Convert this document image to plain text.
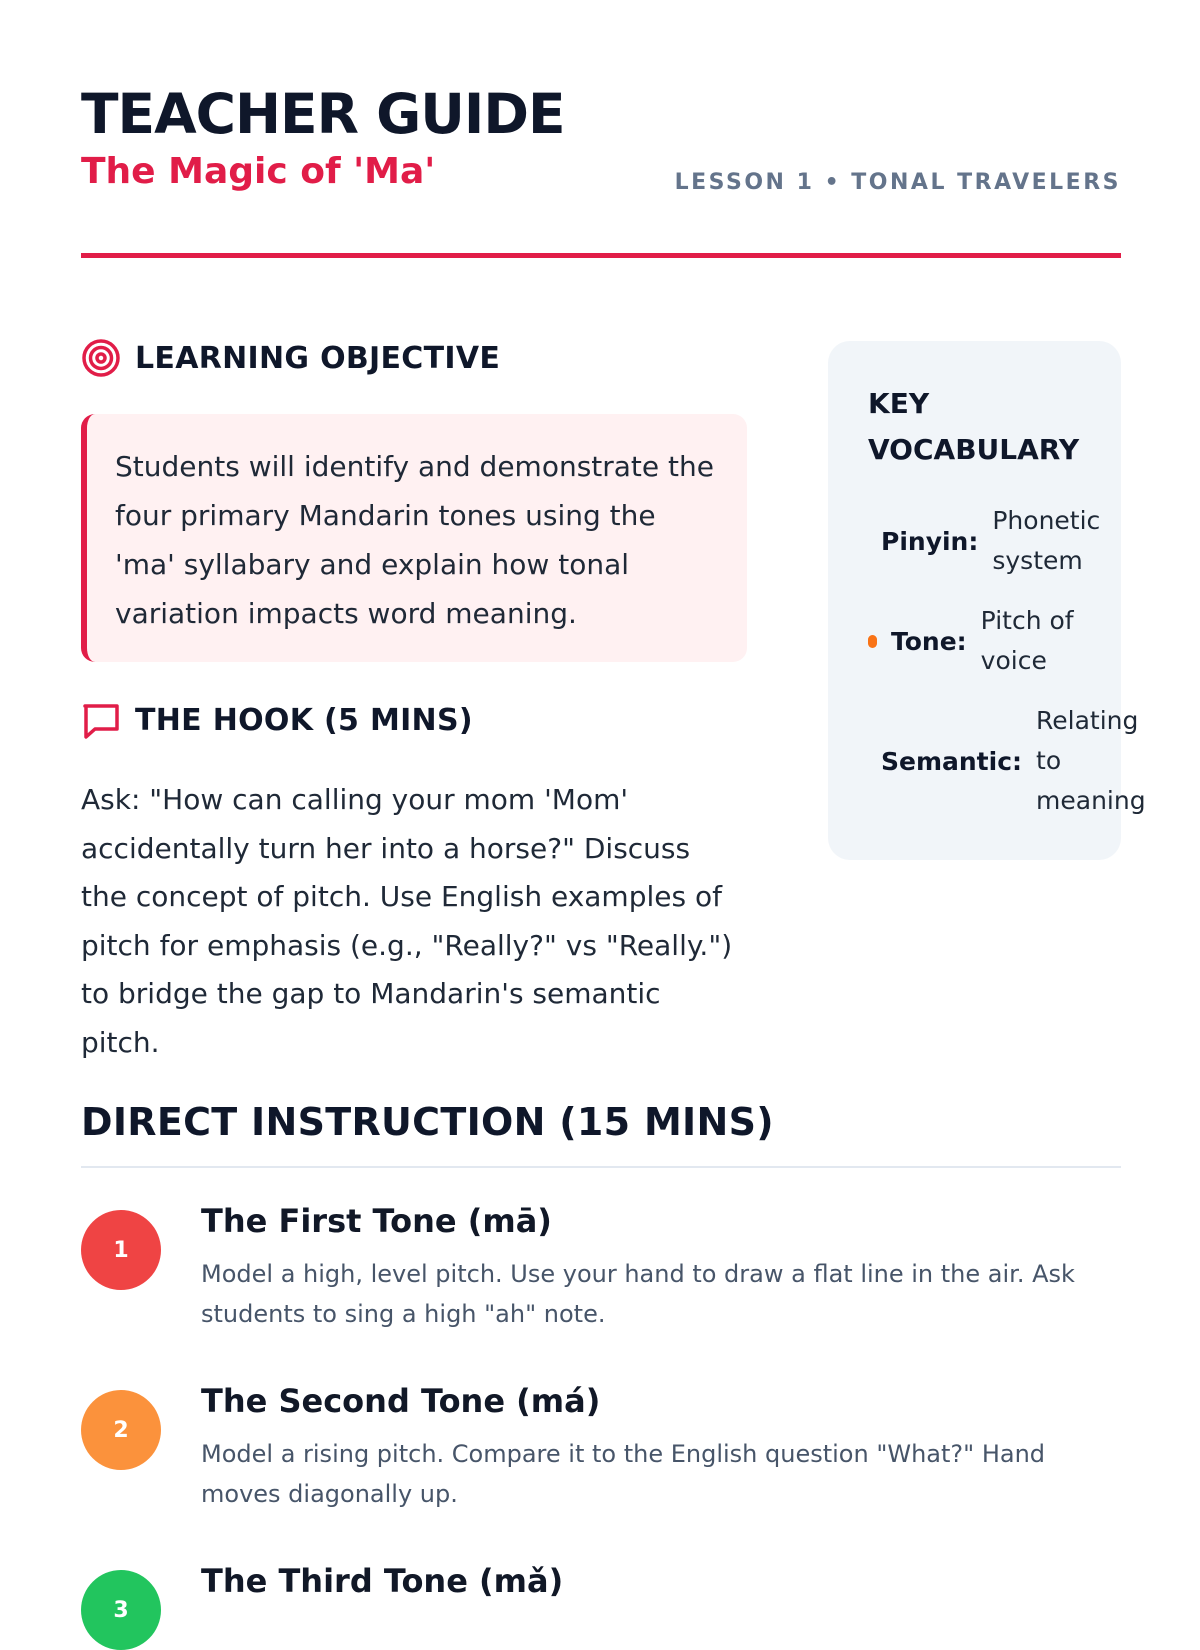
TEACHER GUIDE
The Magic of 'Ma'	LESSON 1 • TONAL TRAVELERS
LEARNING OBJECTIVE

Students will identify and demonstrate the four primary Mandarin tones using the 'ma' syllabary and explain how tonal variation impacts word meaning.

THE HOOK (5 MINS)

Ask: "How can calling your mom 'Mom' accidentally turn her into a horse?" Discuss the concept of pitch. Use English examples of pitch for emphasis (e.g., "Really?" vs "Really.") to bridge the gap to Mandarin's semantic pitch.

KEY VOCABULARY
Pinyin:
Phonetic system
Tone:
Pitch of voice
Semantic:
Relating to meaning
DIRECT INSTRUCTION (15 MINS)
1
The First Tone (mā)

Model a high, level pitch. Use your hand to draw a flat line in the air. Ask students to sing a high "ah" note.

2
The Second Tone (má)

Model a rising pitch. Compare it to the English question "What?" Hand moves diagonally up.

3
The Third Tone (mǎ)
